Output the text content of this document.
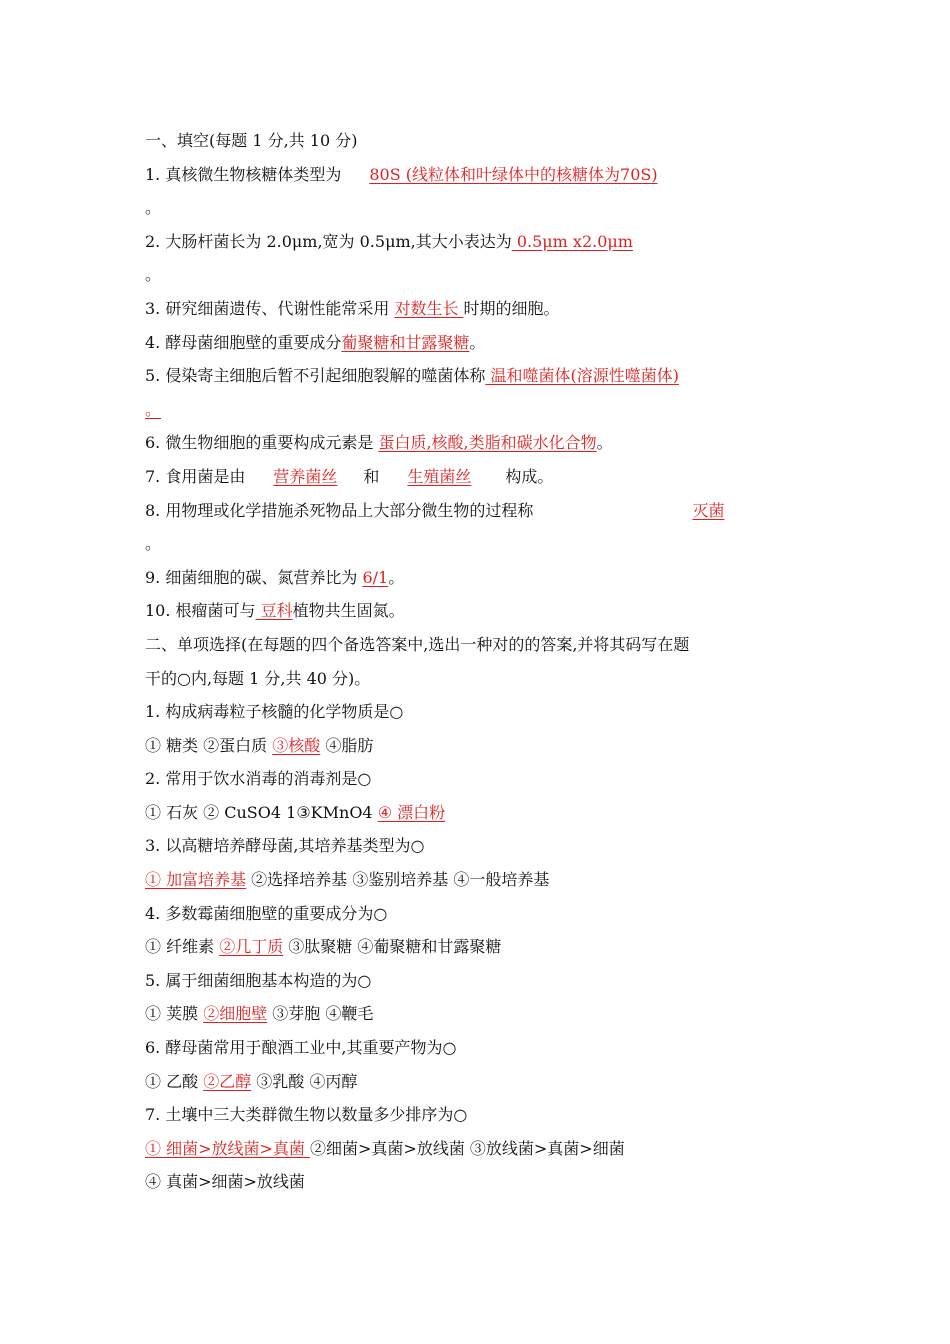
一、填空(每题 1 分,共 10 分)
1. 真核微生物核糖体类型为 80S (线粒体和叶绿体中的核糖体为70S)
。
2. 大肠杆菌长为 2.0μm,宽为 0.5μm,其大小表达为 0.5μm x2.0μm
。
3. 研究细菌遗传、代谢性能常采用 对数生长 时期的细胞。
4. 酵母菌细胞壁的重要成分葡聚糖和甘露聚糖。
5. 侵染寄主细胞后暂不引起细胞裂解的噬菌体称 温和噬菌体(溶源性噬菌体)
。
6. 微生物细胞的重要构成元素是 蛋白质,核酸,类脂和碳水化合物。
7. 食用菌是由 营养菌丝 和 生殖菌丝 构成。
8. 用物理或化学措施杀死物品上大部分微生物的过程称	灭菌
。
9. 细菌细胞的碳、氮营养比为 6/1。
10. 根瘤菌可与 豆科植物共生固氮。
二、单项选择(在每题的四个备选答案中,选出一种对的的答案,并将其码写在题
干的○内,每题 1 分,共 40 分)。
1. 构成病毒粒子核髓的化学物质是○
① 糖类 ②蛋白质 ③核酸 ④脂肪
2. 常用于饮水消毒的消毒剂是○
① 石灰 ② CuSO4 1③KMnO4 ④ 漂白粉
3. 以高糖培养酵母菌,其培养基类型为○
① 加富培养基 ②选择培养基 ③鉴别培养基 ④一般培养基
4. 多数霉菌细胞壁的重要成分为○
① 纤维素 ②几丁质 ③肽聚糖 ④葡聚糖和甘露聚糖
5. 属于细菌细胞基本构造的为○
① 荚膜 ②细胞壁 ③芽胞 ④鞭毛
6. 酵母菌常用于酿酒工业中,其重要产物为○
① 乙酸 ②乙醇 ③乳酸 ④丙醇
7. 土壤中三大类群微生物以数量多少排序为○
① 细菌>放线菌>真菌 ②细菌>真菌>放线菌 ③放线菌>真菌>细菌
④ 真菌>细菌>放线菌
